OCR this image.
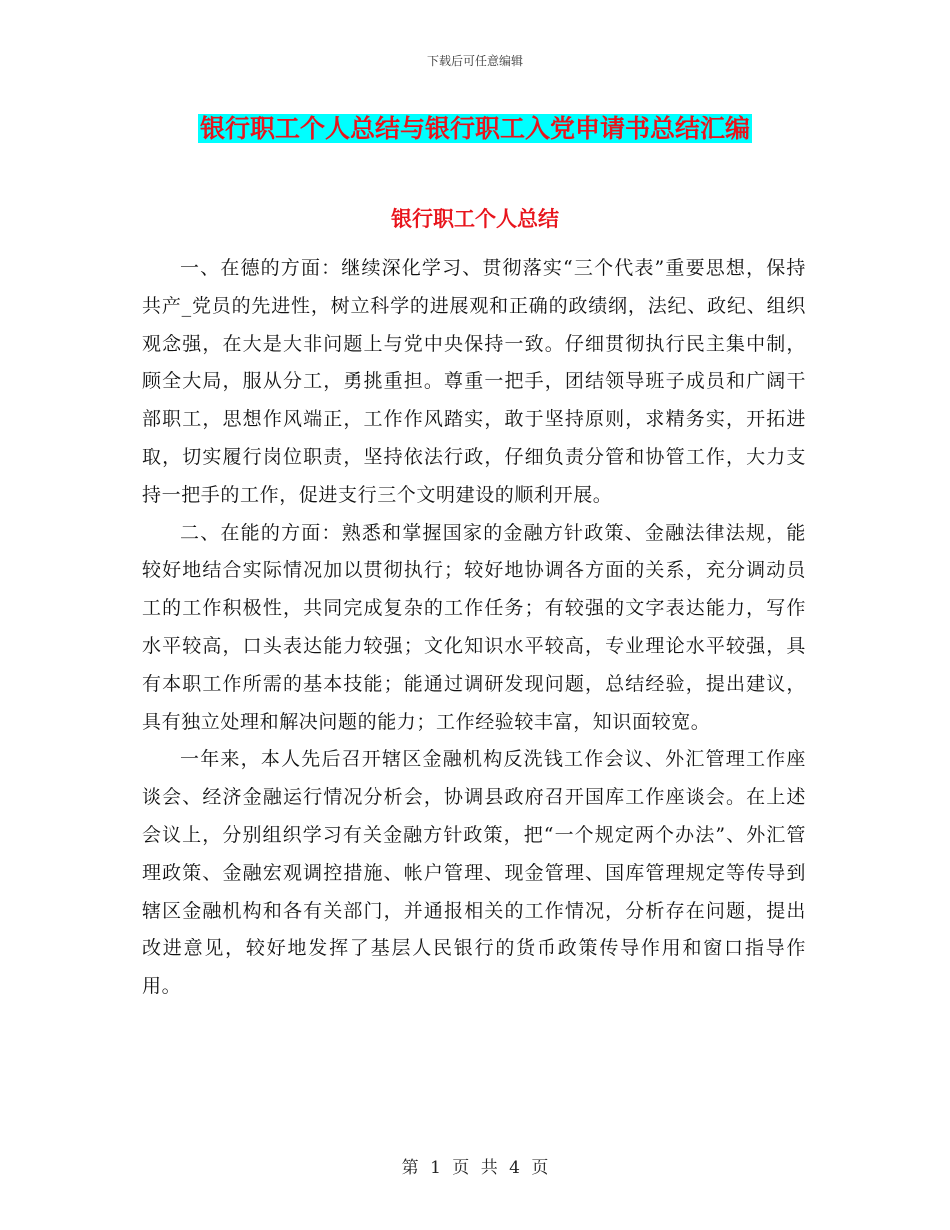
下载后可任意编辑
银行职工个人总结与银行职工入党申请书总结汇编
银行职工个人总结

一、在德的方面：继续深化学习、贯彻落实“三个代表”重要思想，保持共产_党员的先进性，树立科学的进展观和正确的政绩纲，法纪、政纪、组织观念强，在大是大非问题上与党中央保持一致。仔细贯彻执行民主集中制，顾全大局，服从分工，勇挑重担。尊重一把手，团结领导班子成员和广阔干部职工，思想作风端正，工作作风踏实，敢于坚持原则，求精务实，开拓进取，切实履行岗位职责，坚持依法行政，仔细负责分管和协管工作，大力支持一把手的工作，促进支行三个文明建设的顺利开展。

二、在能的方面：熟悉和掌握国家的金融方针政策、金融法律法规，能较好地结合实际情况加以贯彻执行；较好地协调各方面的关系，充分调动员工的工作积极性，共同完成复杂的工作任务；有较强的文字表达能力，写作水平较高，口头表达能力较强；文化知识水平较高，专业理论水平较强，具有本职工作所需的基本技能；能通过调研发现问题，总结经验，提出建议，具有独立处理和解决问题的能力；工作经验较丰富，知识面较宽。

一年来，本人先后召开辖区金融机构反洗钱工作会议、外汇管理工作座谈会、经济金融运行情况分析会，协调县政府召开国库工作座谈会。在上述会议上，分别组织学习有关金融方针政策，把“一个规定两个办法”、外汇管理政策、金融宏观调控措施、帐户管理、现金管理、国库管理规定等传导到辖区金融机构和各有关部门，并通报相关的工作情况，分析存在问题，提出改进意见，较好地发挥了基层人民银行的货币政策传导作用和窗口指导作用。

第 1 页 共 4 页
